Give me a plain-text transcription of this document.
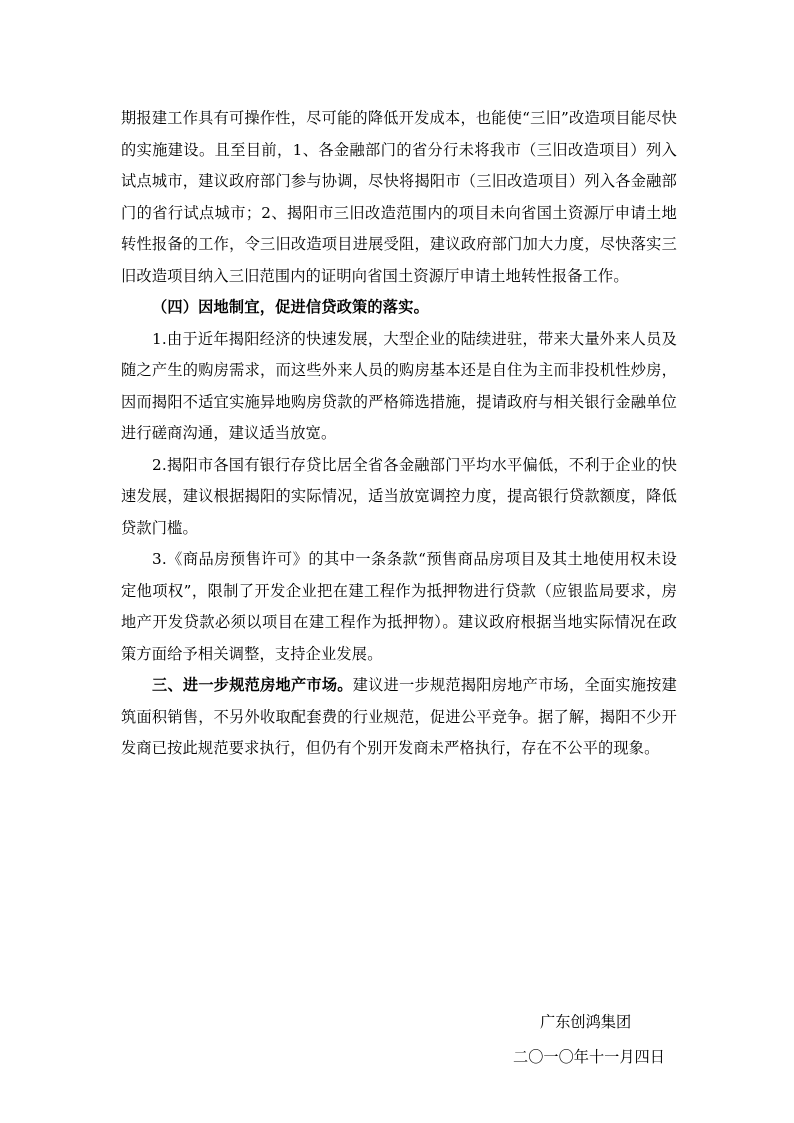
期报建工作具有可操作性，尽可能的降低开发成本，也能使“三旧”改造项目能尽快的实施建设。且至目前，1、各金融部门的省分行未将我市（三旧改造项目）列入试点城市，建议政府部门参与协调，尽快将揭阳市（三旧改造项目）列入各金融部门的省行试点城市；2、揭阳市三旧改造范围内的项目未向省国土资源厅申请土地转性报备的工作，令三旧改造项目进展受阻，建议政府部门加大力度，尽快落实三旧改造项目纳入三旧范围内的证明向省国土资源厅申请土地转性报备工作。

（四）因地制宜，促进信贷政策的落实。

1.由于近年揭阳经济的快速发展，大型企业的陆续进驻，带来大量外来人员及随之产生的购房需求，而这些外来人员的购房基本还是自住为主而非投机性炒房，因而揭阳不适宜实施异地购房贷款的严格筛选措施，提请政府与相关银行金融单位进行磋商沟通，建议适当放宽。

2.揭阳市各国有银行存贷比居全省各金融部门平均水平偏低，不利于企业的快速发展，建议根据揭阳的实际情况，适当放宽调控力度，提高银行贷款额度，降低贷款门槛。

3.《商品房预售许可》的其中一条条款“预售商品房项目及其土地使用权未设定他项权”，限制了开发企业把在建工程作为抵押物进行贷款（应银监局要求，房地产开发贷款必须以项目在建工程作为抵押物）。建议政府根据当地实际情况在政策方面给予相关调整，支持企业发展。

三、进一步规范房地产市场。建议进一步规范揭阳房地产市场，全面实施按建筑面积销售，不另外收取配套费的行业规范，促进公平竞争。据了解，揭阳不少开发商已按此规范要求执行，但仍有个别开发商未严格执行，存在不公平的现象。

广东创鸿集团
二〇一〇年十一月四日
